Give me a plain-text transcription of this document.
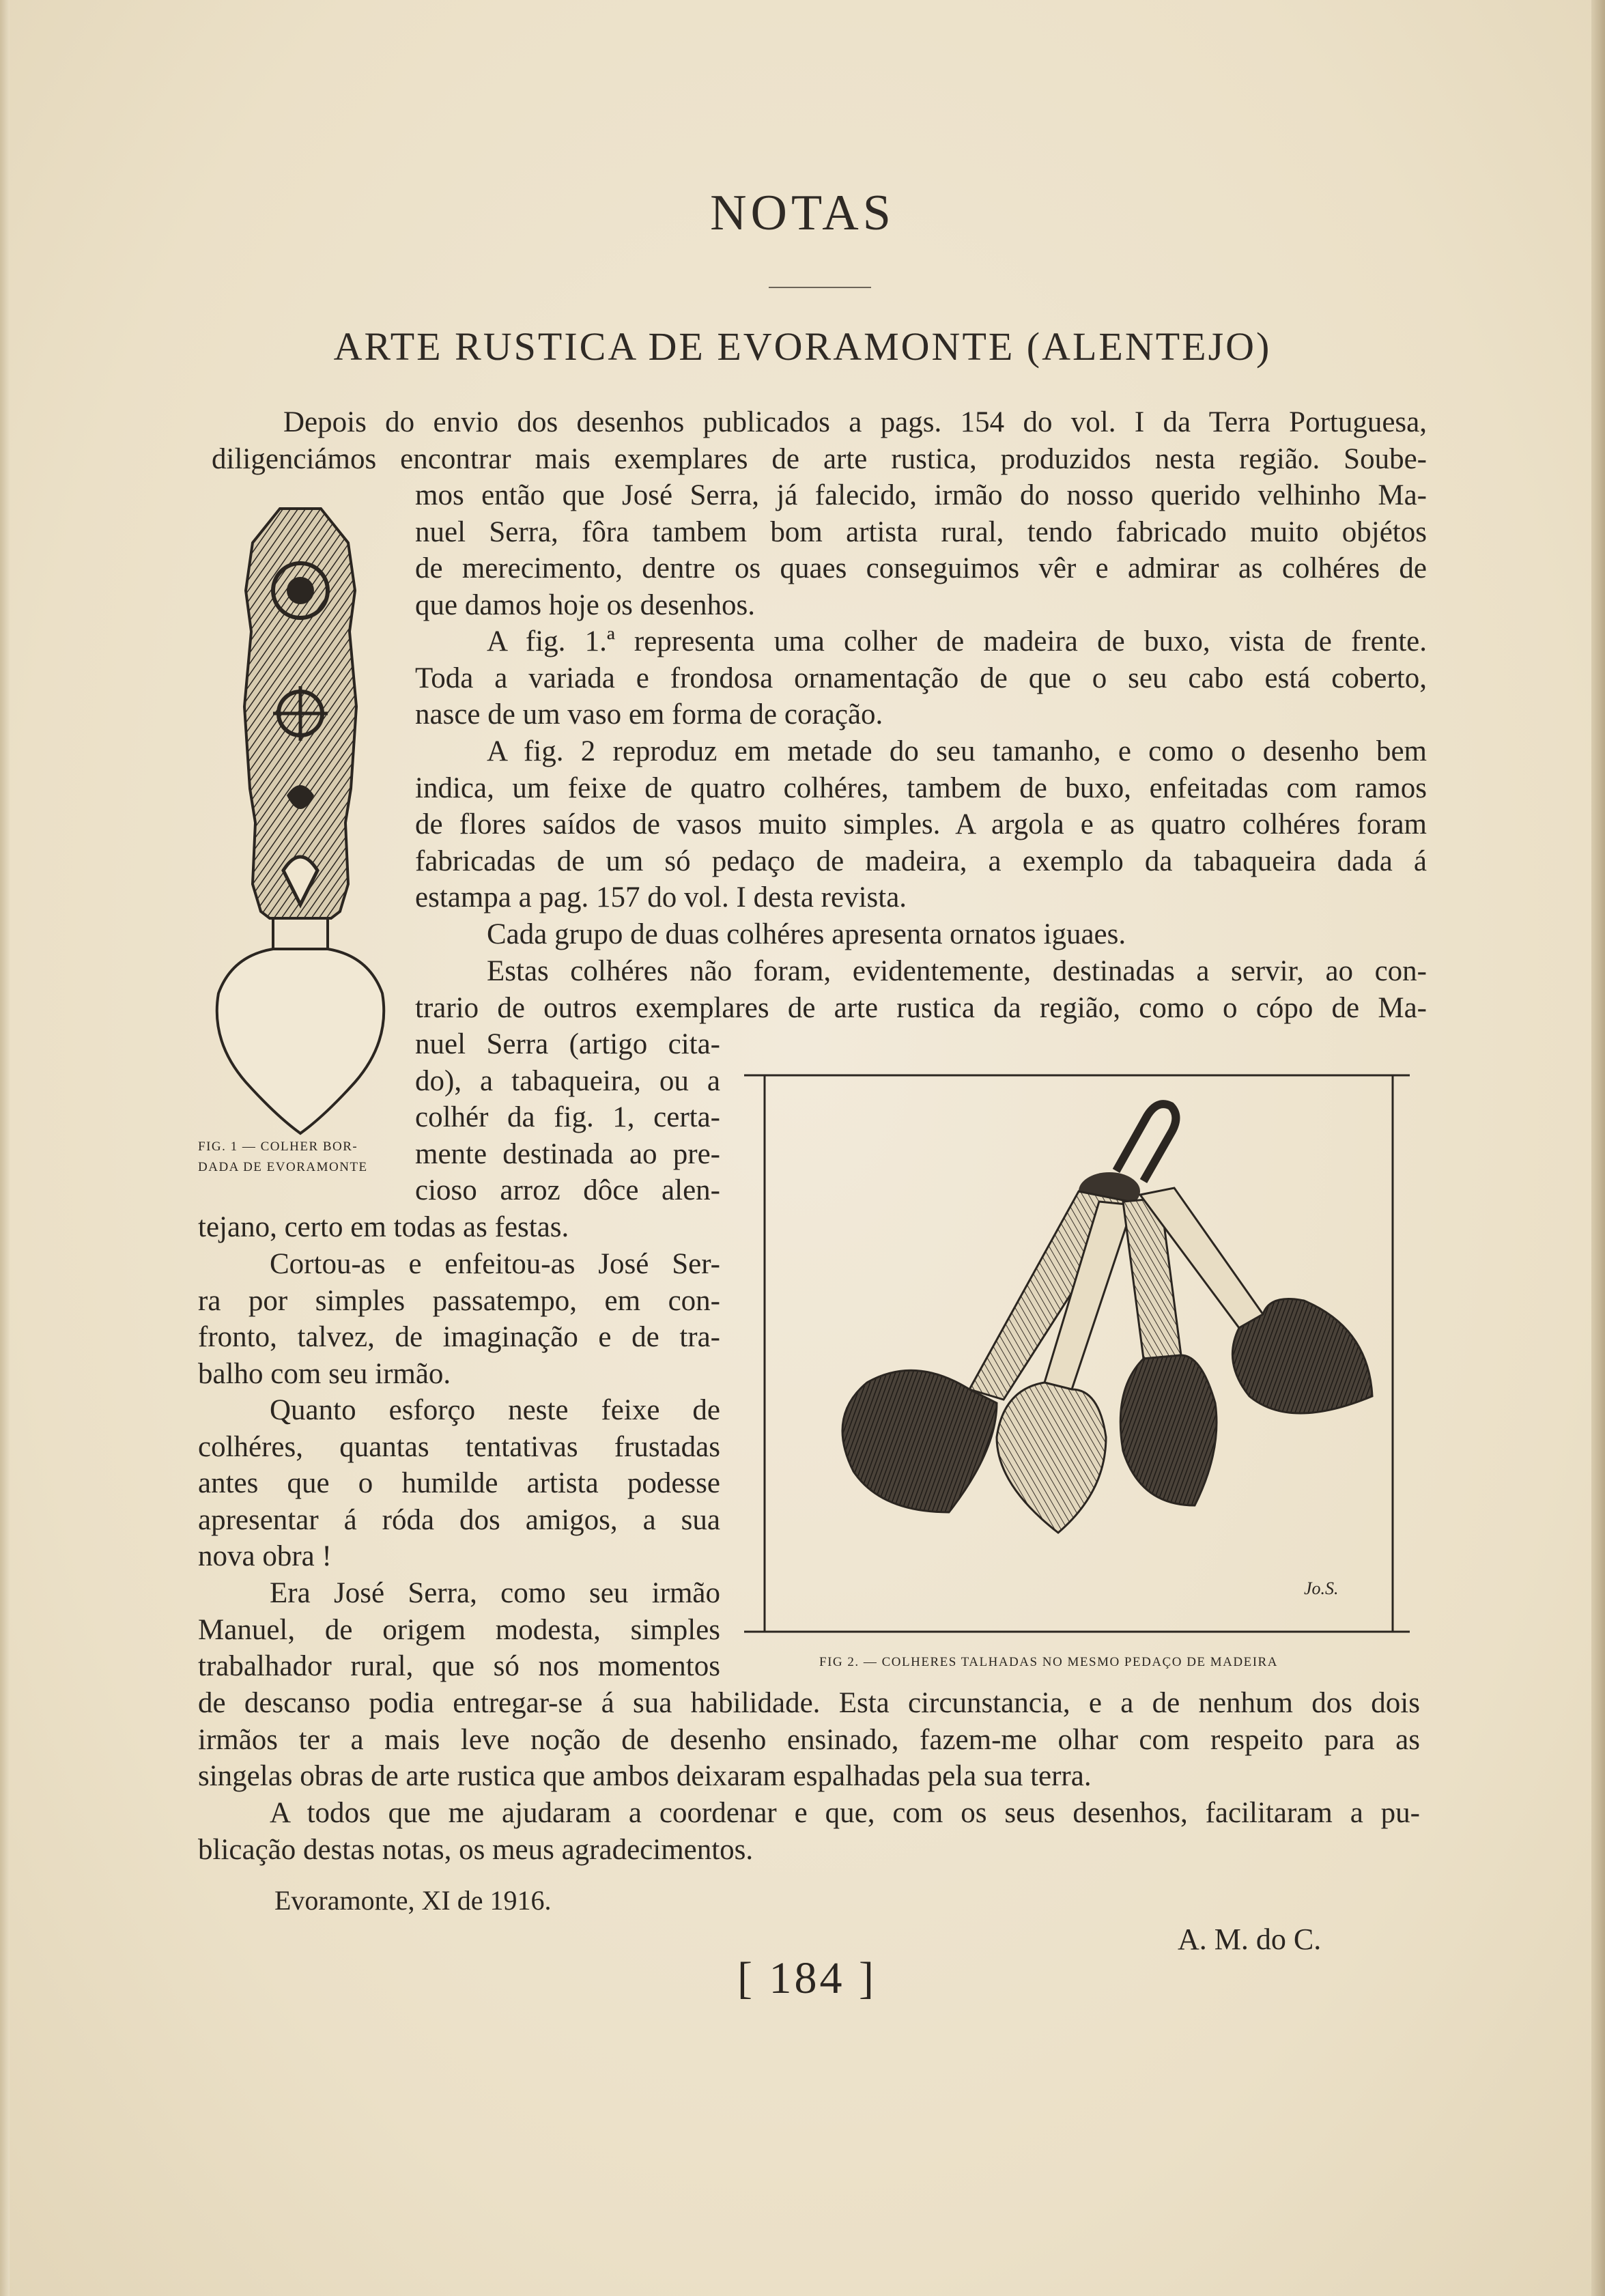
NOTAS
ARTE RUSTICA DE EVORAMONTE (ALENTEJO)
Depois do envio dos desenhos publicados a pags. 154 do vol. I da Terra Portuguesa,
diligenciámos encontrar mais exemplares de arte rustica, produzidos nesta região. Soube-
mos então que José Serra, já falecido, irmão do nosso querido velhinho Ma-
nuel Serra, fôra tambem bom artista rural, tendo fabricado muito objétos
de merecimento, dentre os quaes conseguimos vêr e admirar as colhéres de
que damos hoje os desenhos.
A fig. 1.ª representa uma colher de madeira de buxo, vista de frente.
Toda a variada e frondosa ornamentação de que o seu cabo está coberto,
nasce de um vaso em forma de coração.
A fig. 2 reproduz em metade do seu tamanho, e como o desenho bem
indica, um feixe de quatro colhéres, tambem de buxo, enfeitadas com ramos
de flores saídos de vasos muito simples. A argola e as quatro colhéres foram
fabricadas de um só pedaço de madeira, a exemplo da tabaqueira dada á
estampa a pag. 157 do vol. I desta revista.
Cada grupo de duas colhéres apresenta ornatos iguaes.
Estas colhéres não foram, evidentemente, destinadas a servir, ao con-
trario de outros exemplares de arte rustica da região, como o cópo de Ma-
nuel Serra (artigo cita-
do), a tabaqueira, ou a
colhér da fig. 1, certa-
mente destinada ao pre-
cioso arroz dôce alen-
tejano, certo em todas as festas.
Cortou-as e enfeitou-as José Ser-
ra por simples passatempo, em con-
fronto, talvez, de imaginação e de tra-
balho com seu irmão.
Quanto esforço neste feixe de
colhéres, quantas tentativas frustadas
antes que o humilde artista podesse
apresentar á róda dos amigos, a sua
nova obra !
Era José Serra, como seu irmão
Manuel, de origem modesta, simples
trabalhador rural, que só nos momentos
de descanso podia entregar-se á sua habilidade. Esta circunstancia, e a de nenhum dos dois
irmãos ter a mais leve noção de desenho ensinado, fazem-me olhar com respeito para as
singelas obras de arte rustica que ambos deixaram espalhadas pela sua terra.
A todos que me ajudaram a coordenar e que, com os seus desenhos, facilitaram a pu-
blicação destas notas, os meus agradecimentos.
Evoramonte, XI de 1916.
A. M. do C.
[ 184 ]
FIG. 1 — COLHER BOR-
DADA DE EVORAMONTE
Jo.S.
FIG 2. — COLHERES TALHADAS NO MESMO PEDAÇO DE MADEIRA
